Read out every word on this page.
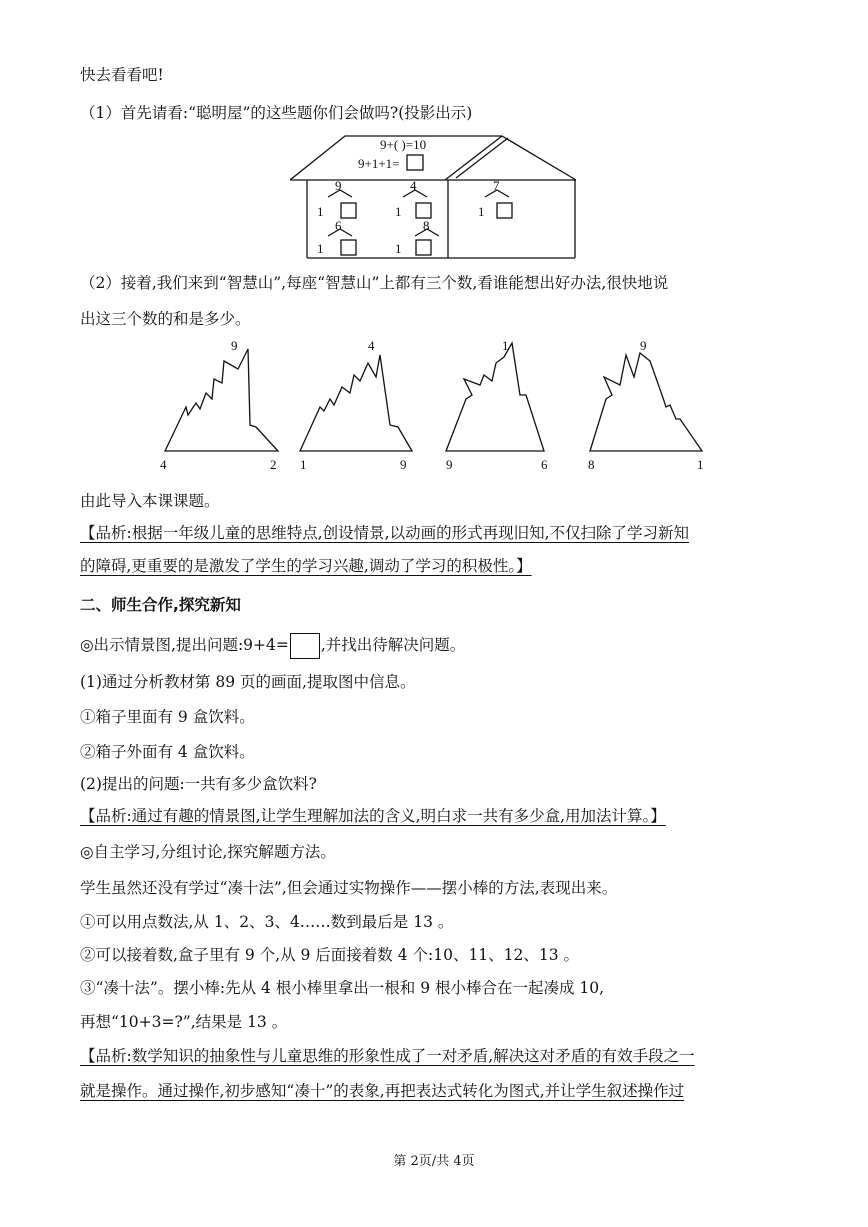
快去看看吧!
（1）首先请看:“聪明屋”的这些题你们会做吗?(投影出示)
9+( )=10
9+1+1=
9
1
4
1
6
1
8
1
7
1
（2）接着,我们来到“智慧山”,每座“智慧山”上都有三个数,看谁能想出好办法,很快地说
出这三个数的和是多少。
9
4	2
4
1	9
1
9	6
9
8	1
由此导入本课课题。
【品析:根据一年级儿童的思维特点,创设情景,以动画的形式再现旧知,不仅扫除了学习新知
的障碍,更重要的是激发了学生的学习兴趣,调动了学习的积极性。】
二、师生合作,探究新知
◎出示情景图,提出问题:9+4= ,并找出待解决问题。
(1)通过分析教材第 89 页的画面,提取图中信息。
①箱子里面有 9 盒饮料。
②箱子外面有 4 盒饮料。
(2)提出的问题:一共有多少盒饮料?
【品析:通过有趣的情景图,让学生理解加法的含义,明白求一共有多少盒,用加法计算。】
◎自主学习,分组讨论,探究解题方法。
学生虽然还没有学过“凑十法”,但会通过实物操作——摆小棒的方法,表现出来。
①可以用点数法,从 1、2、3、4……数到最后是 13 。
②可以接着数,盒子里有 9 个,从 9 后面接着数 4 个:10、11、12、13 。
③“凑十法”。摆小棒:先从 4 根小棒里拿出一根和 9 根小棒合在一起凑成 10,
再想“10+3=?”,结果是 13 。
【品析:数学知识的抽象性与儿童思维的形象性成了一对矛盾,解决这对矛盾的有效手段之一
就是操作。通过操作,初步感知“凑十”的表象,再把表达式转化为图式,并让学生叙述操作过
第 2页/共 4页
